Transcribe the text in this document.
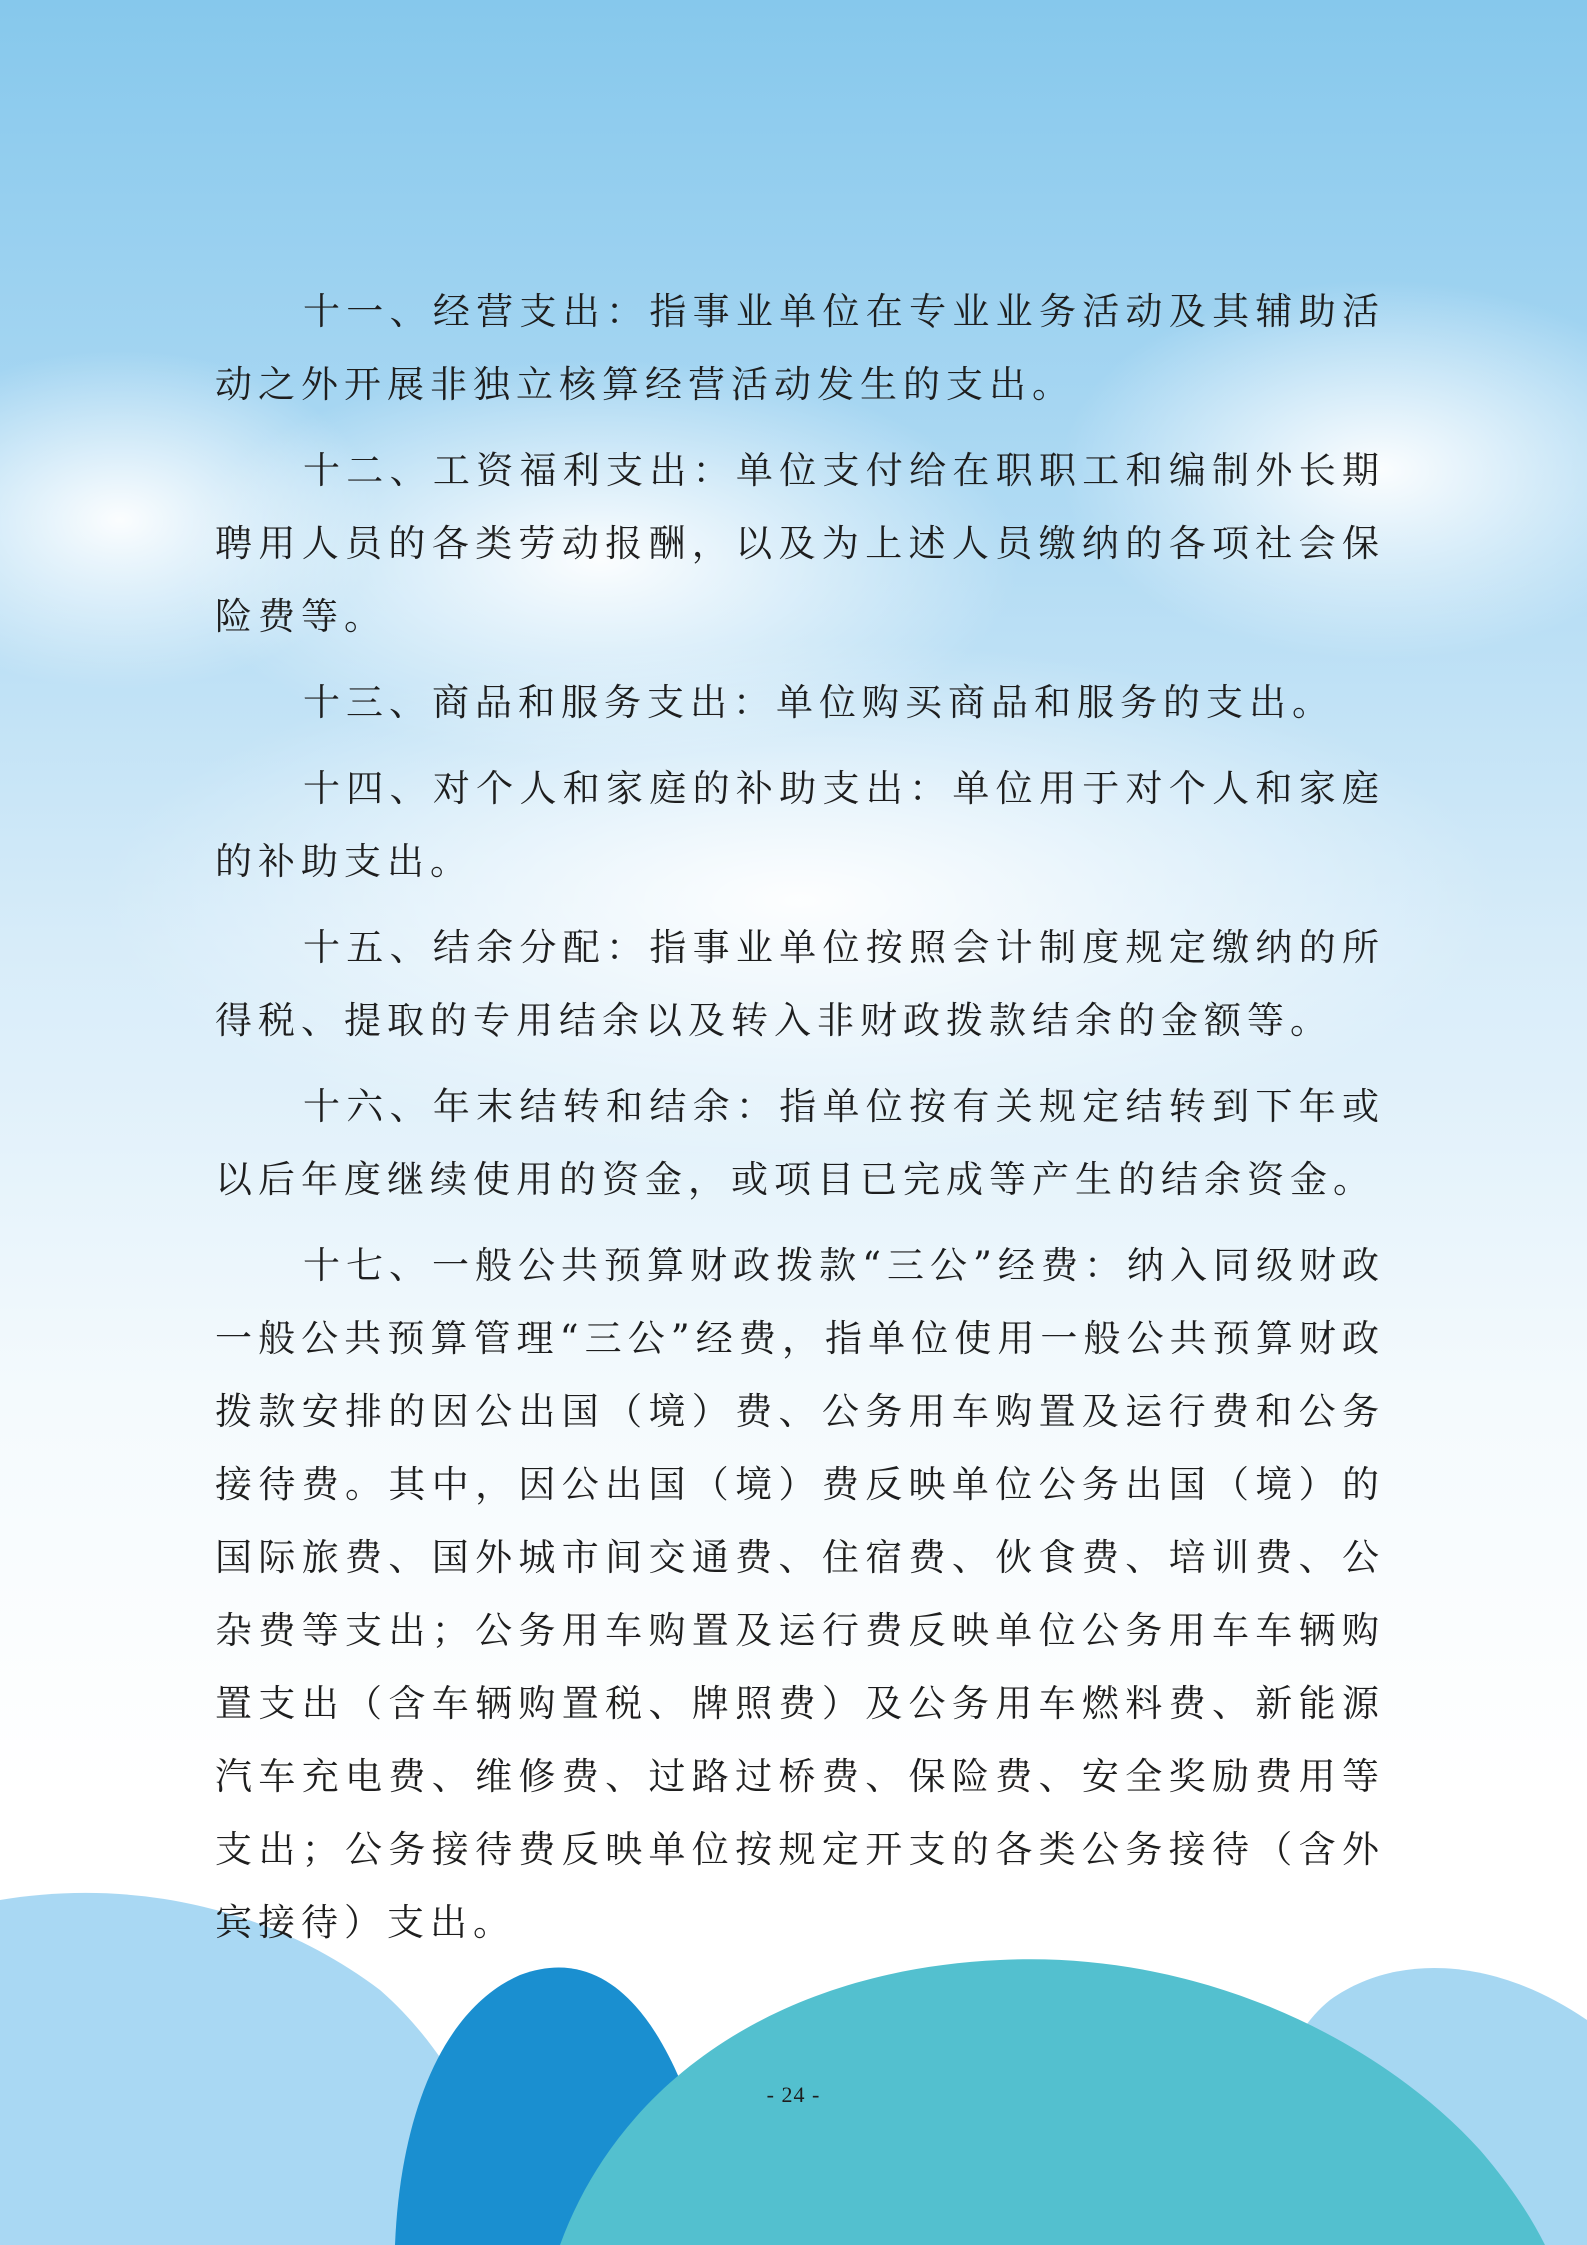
十一、经营支出：指事业单位在专业业务活动及其辅助活动之外开展非独立核算经营活动发生的支出。

十二、工资福利支出：单位支付给在职职工和编制外长期聘用人员的各类劳动报酬，以及为上述人员缴纳的各项社会保险费等。

十三、商品和服务支出：单位购买商品和服务的支出。

十四、对个人和家庭的补助支出：单位用于对个人和家庭的补助支出。

十五、结余分配：指事业单位按照会计制度规定缴纳的所得税、提取的专用结余以及转入非财政拨款结余的金额等。

十六、年末结转和结余：指单位按有关规定结转到下年或以后年度继续使用的资金，或项目已完成等产生的结余资金。

十七、一般公共预算财政拨款“三公”经费：纳入同级财政一般公共预算管理“三公”经费，指单位使用一般公共预算财政拨款安排的因公出国（境）费、公务用车购置及运行费和公务接待费。其中，因公出国（境）费反映单位公务出国（境）的国际旅费、国外城市间交通费、住宿费、伙食费、培训费、公杂费等支出；公务用车购置及运行费反映单位公务用车车辆购置支出（含车辆购置税、牌照费）及公务用车燃料费、新能源汽车充电费、维修费、过路过桥费、保险费、安全奖励费用等支出；公务接待费反映单位按规定开支的各类公务接待（含外宾接待）支出。

- 24 -
